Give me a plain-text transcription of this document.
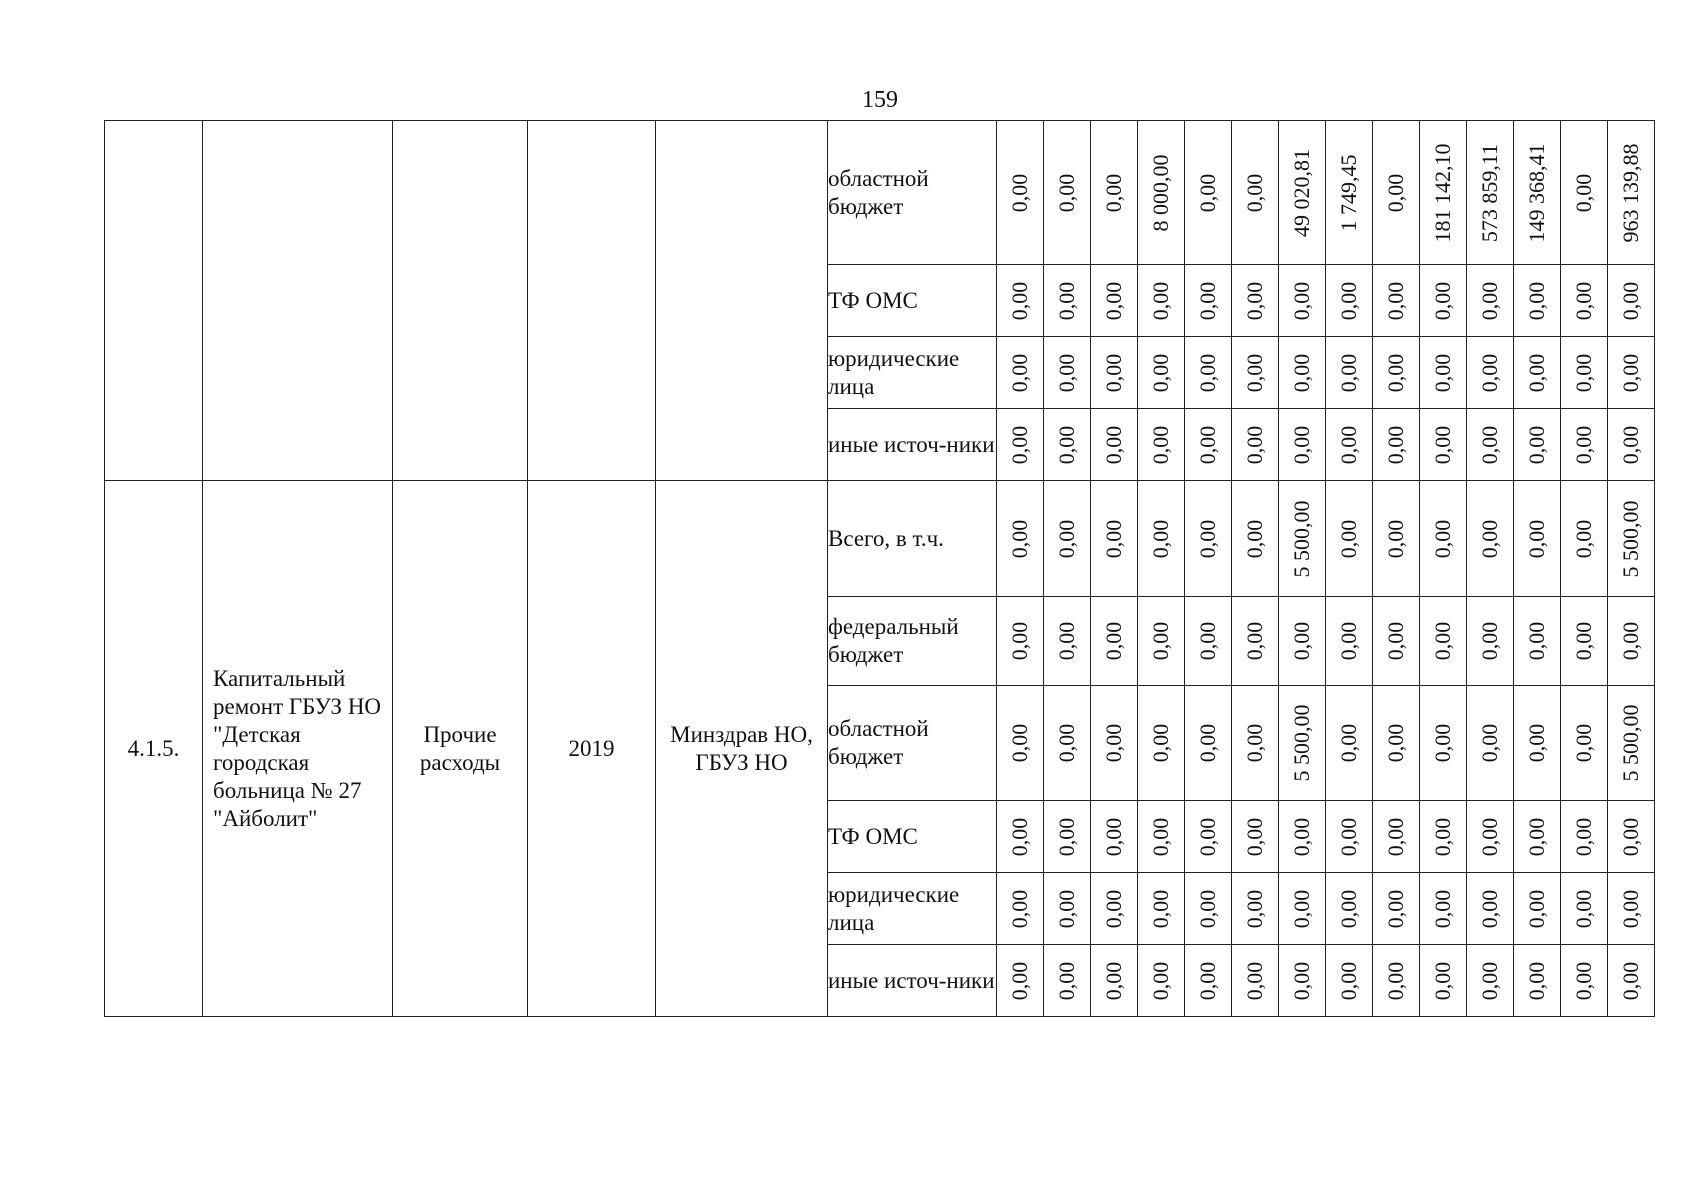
159
					областной бюджет	0,00	0,00	0,00	8 000,00	0,00	0,00	49 020,81	1 749,45	0,00	181 142,10	573 859,11	149 368,41	0,00	963 139,88

					ТФ ОМС	0,00	0,00	0,00	0,00	0,00	0,00	0,00	0,00	0,00	0,00	0,00	0,00	0,00	0,00

					юридические лица	0,00	0,00	0,00	0,00	0,00	0,00	0,00	0,00	0,00	0,00	0,00	0,00	0,00	0,00

					иные источ-ники	0,00	0,00	0,00	0,00	0,00	0,00	0,00	0,00	0,00	0,00	0,00	0,00	0,00	0,00

4.1.5.	Капитальный ремонт ГБУЗ НО "Детская городская больница № 27 "Айболит"	Прочие расходы	2019	Минздрав НО, ГБУЗ НО	Всего, в т.ч.	0,00	0,00	0,00	0,00	0,00	0,00	5 500,00	0,00	0,00	0,00	0,00	0,00	0,00	5 500,00

					федеральный бюджет	0,00	0,00	0,00	0,00	0,00	0,00	0,00	0,00	0,00	0,00	0,00	0,00	0,00	0,00

					областной бюджет	0,00	0,00	0,00	0,00	0,00	0,00	5 500,00	0,00	0,00	0,00	0,00	0,00	0,00	5 500,00

					ТФ ОМС	0,00	0,00	0,00	0,00	0,00	0,00	0,00	0,00	0,00	0,00	0,00	0,00	0,00	0,00

					юридические лица	0,00	0,00	0,00	0,00	0,00	0,00	0,00	0,00	0,00	0,00	0,00	0,00	0,00	0,00

					иные источ-ники	0,00	0,00	0,00	0,00	0,00	0,00	0,00	0,00	0,00	0,00	0,00	0,00	0,00	0,00
